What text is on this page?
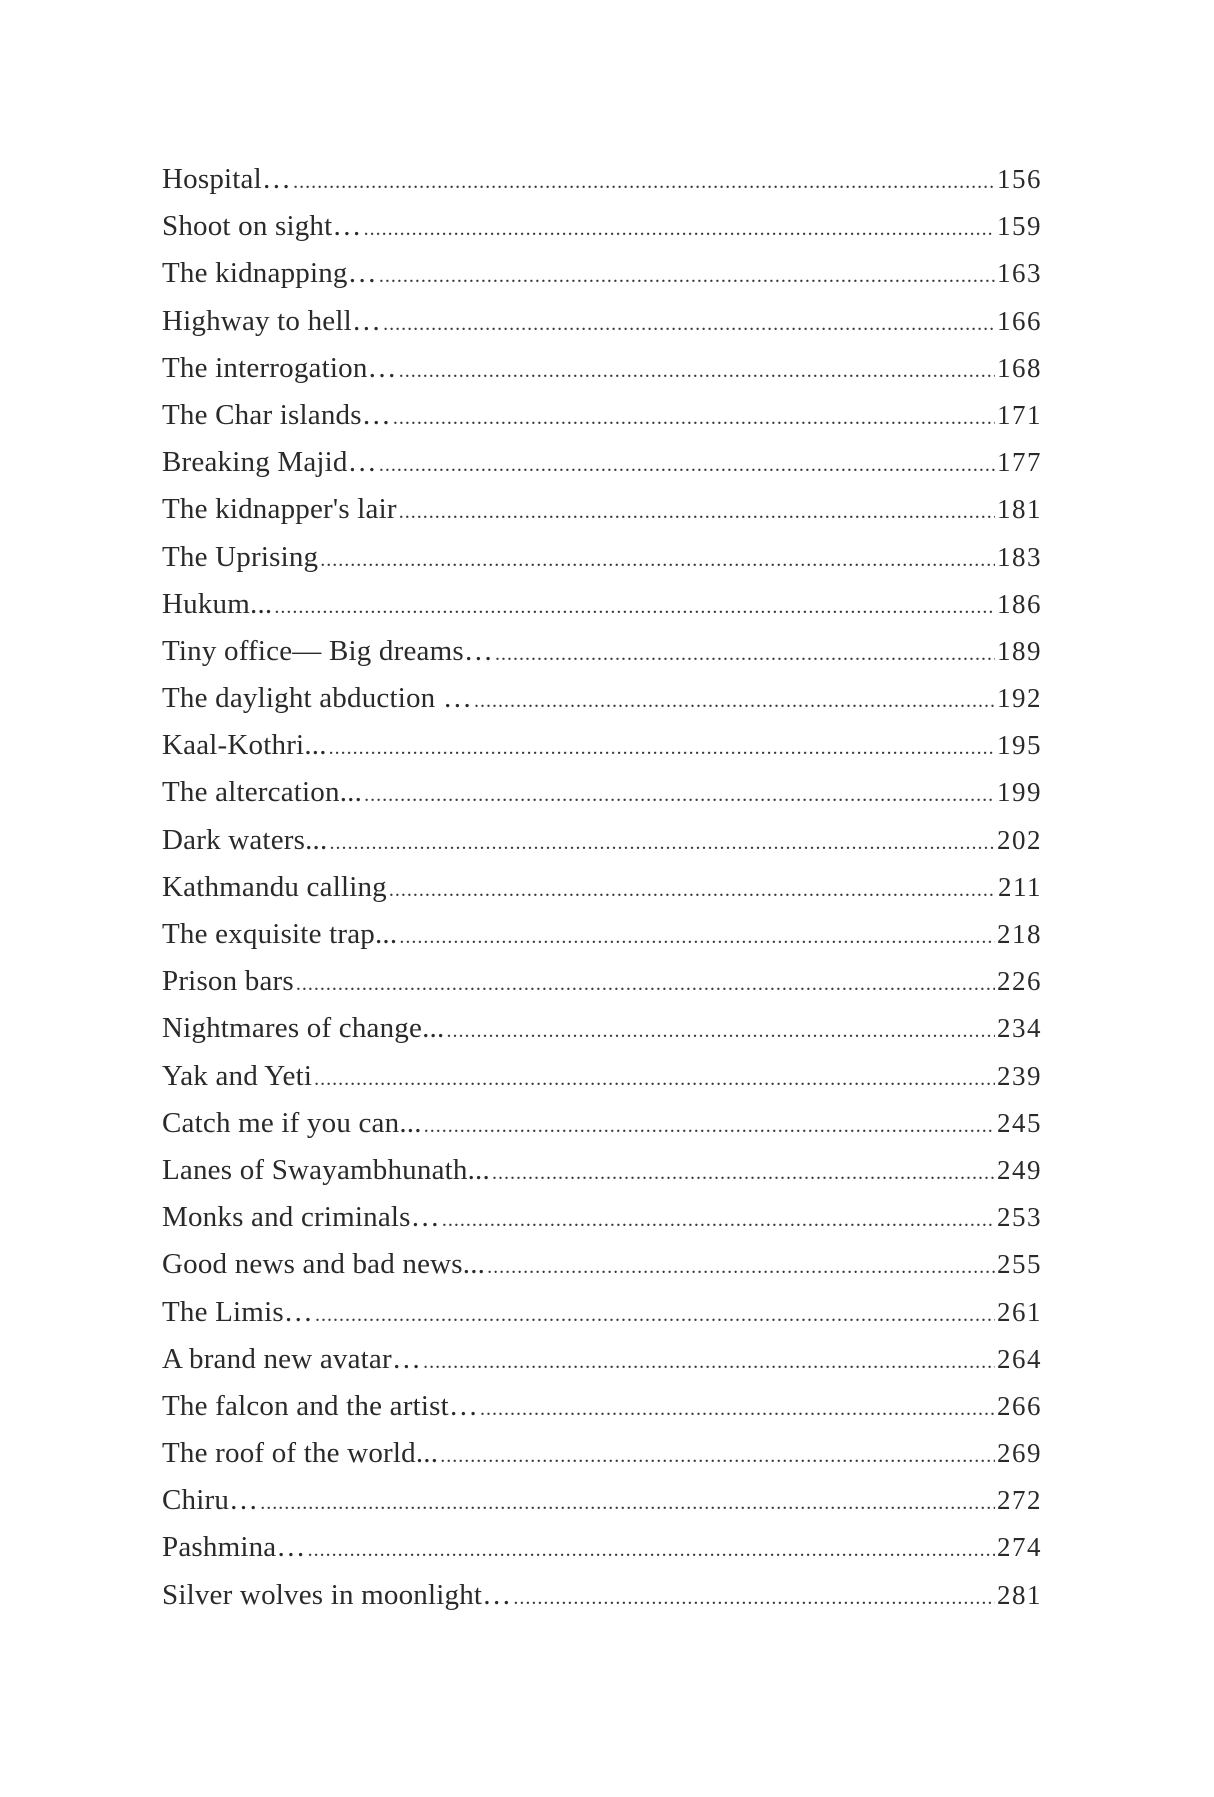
Hospital… .....	156
Shoot on sight… .....	159
The kidnapping… .....	163
Highway to hell… .....	166
The interrogation… .....	168
The Char islands… .....	171
Breaking Majid… .....	177
The kidnapper's lair .....	181
The Uprising .....	183
Hukum... .....	186
Tiny office— Big dreams… .....	189
The daylight abduction … .....	192
Kaal-Kothri... .....	195
The altercation... .....	199
Dark waters... .....	202
Kathmandu calling .....	211
The exquisite trap... .....	218
Prison bars .....	226
Nightmares of change... .....	234
Yak and Yeti .....	239
Catch me if you can... .....	245
Lanes of Swayambhunath... .....	249
Monks and criminals… .....	253
Good news and bad news... .....	255
The Limis… .....	261
A brand new avatar… .....	264
The falcon and the artist… .....	266
The roof of the world... .....	269
Chiru… .....	272
Pashmina… .....	274
Silver wolves in moonlight… .....	281
